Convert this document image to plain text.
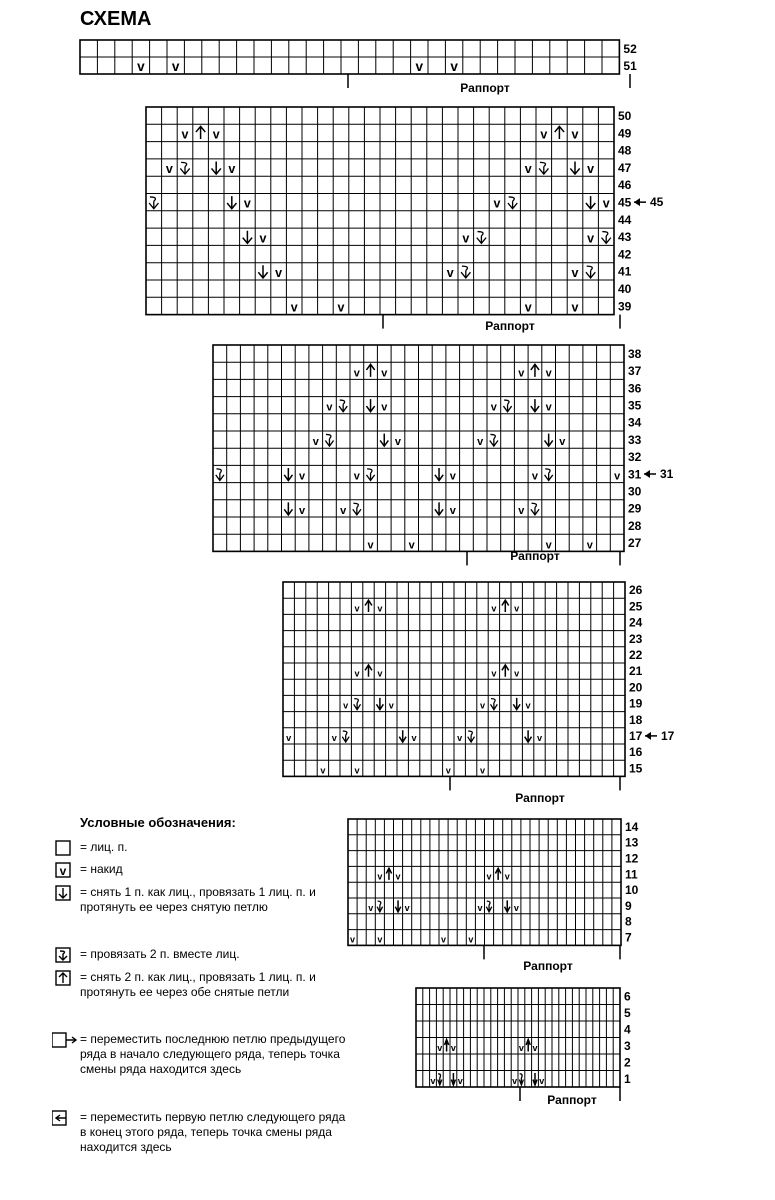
СХЕМА
v v	v v
52
51
Раппорт
v v	v v
v	v	v	v
v	v	v
v	v	v
v	v	v
v	v	v	v
50
49
48
47
46
45
44
43
42
41
40
39
45
Раппорт
v v	v v
v	v	v	v
v	v	v	v
v	v	v	v	v
v	v	v	v
v	v	v	v
38
37
36
35
34
33
32
31
30
29
28
27
31
Раппорт
v v	v v
v v	v v
v	v	v	v
v	v	v	v	v
v	v	v	v
26
25
24
23
22
21
20
19
18
17
16
15
17
Раппорт
v v	v v
v	v	v	v
v v	v v
14
13
12
11
10
9
8
7
Раппорт
v v	v v
v v	v v
6
5
4
3
2
1
Раппорт
Условные обозначения:
= лиц. п.
v = накид
= снять 1 п. как лиц., провязать 1 лиц. п. и протянуть ее через снятую петлю
= провязать 2 п. вместе лиц.
= снять 2 п. как лиц., провязать 1 лиц. п. и протянуть ее через обе снятые петли
= переместить последнюю петлю предыдущего ряда в начало следующего ряда, теперь точка смены ряда находится здесь
= переместить первую петлю следующего ряда в конец этого ряда, теперь точка смены ряда находится здесь
